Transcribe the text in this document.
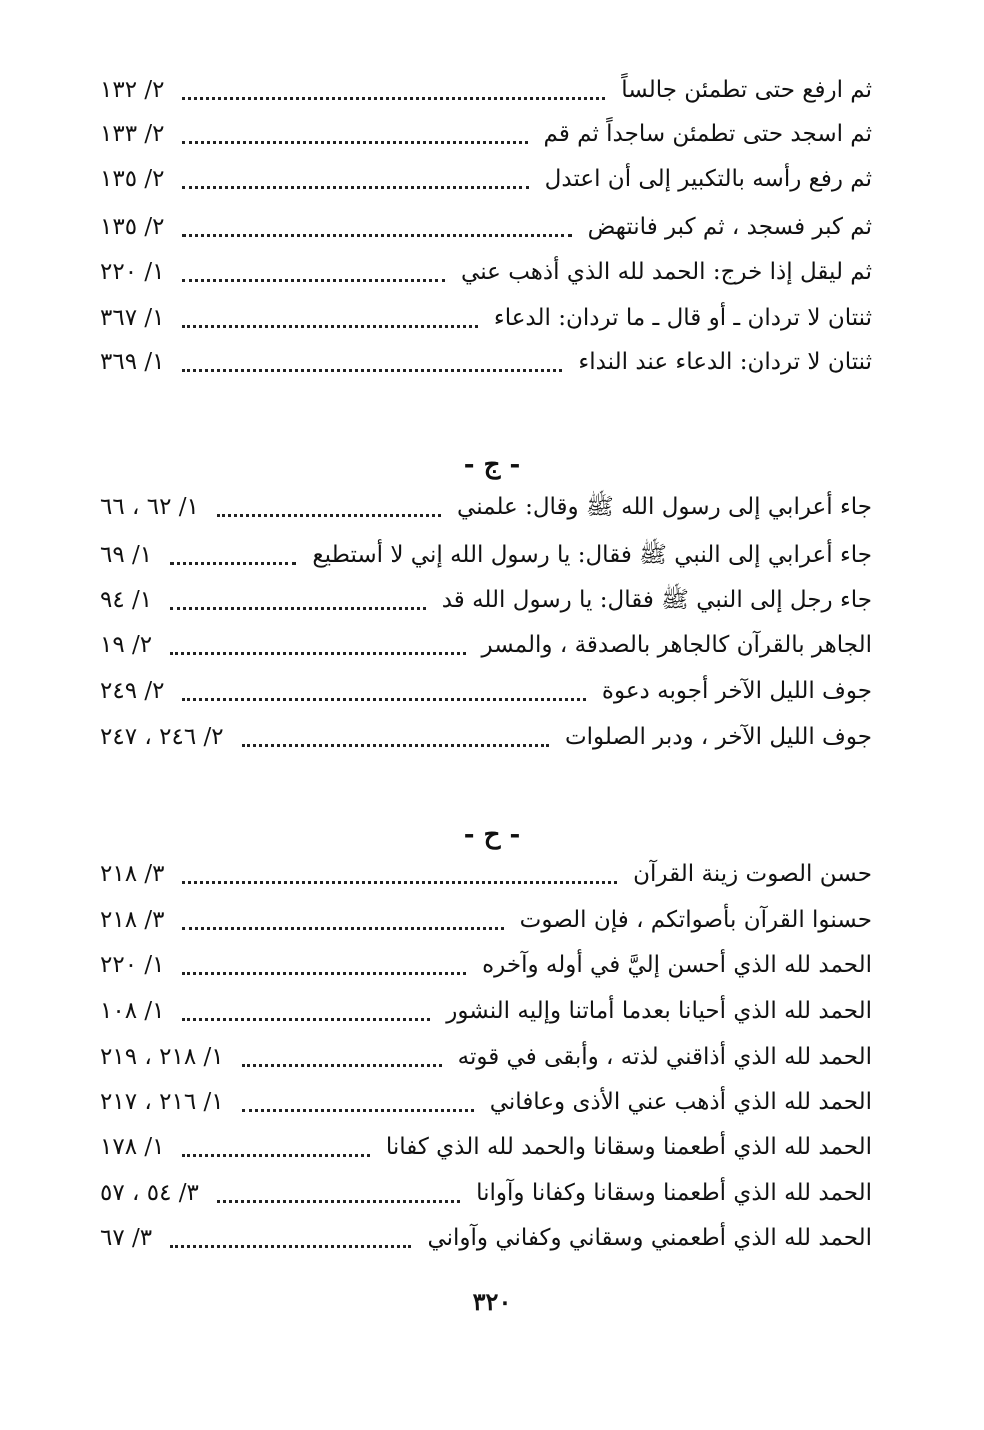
ثم ارفع حتى تطمئن جالساً
٢/ ١٣٢
ثم اسجد حتى تطمئن ساجداً ثم قم
٢/ ١٣٣
ثم رفع رأسه بالتكبير إلى أن اعتدل
٢/ ١٣٥
ثم كبر فسجد ، ثم كبر فانتهض
٢/ ١٣٥
ثم ليقل إذا خرج: الحمد لله الذي أذهب عني
١/ ٢٢٠
ثنتان لا تردان ـ أو قال ـ ما تردان: الدعاء
١/ ٣٦٧
ثنتان لا تردان: الدعاء عند النداء
١/ ٣٦٩
- ج -
جاء أعرابي إلى رسول الله ﷺ وقال: علمني
١/ ٦٢ ، ٦٦
جاء أعرابي إلى النبي ﷺ فقال: يا رسول الله إني لا أستطيع
١/ ٦٩
جاء رجل إلى النبي ﷺ فقال: يا رسول الله قد
١/ ٩٤
الجاهر بالقرآن كالجاهر بالصدقة ، والمسر
٢/ ١٩
جوف الليل الآخر أجوبه دعوة
٢/ ٢٤٩
جوف الليل الآخر ، ودبر الصلوات
٢/ ٢٤٦ ، ٢٤٧
- ح -
حسن الصوت زينة القرآن
٣/ ٢١٨
حسنوا القرآن بأصواتكم ، فإن الصوت
٣/ ٢١٨
الحمد لله الذي أحسن إليَّ في أوله وآخره
١/ ٢٢٠
الحمد لله الذي أحيانا بعدما أماتنا وإليه النشور
١/ ١٠٨
الحمد لله الذي أذاقني لذته ، وأبقى في قوته
١/ ٢١٨ ، ٢١٩
الحمد لله الذي أذهب عني الأذى وعافاني
١/ ٢١٦ ، ٢١٧
الحمد لله الذي أطعمنا وسقانا والحمد لله الذي كفانا
١/ ١٧٨
الحمد لله الذي أطعمنا وسقانا وكفانا وآوانا
٣/ ٥٤ ، ٥٧
الحمد لله الذي أطعمني وسقاني وكفاني وآواني
٣/ ٦٧
٣٢٠
